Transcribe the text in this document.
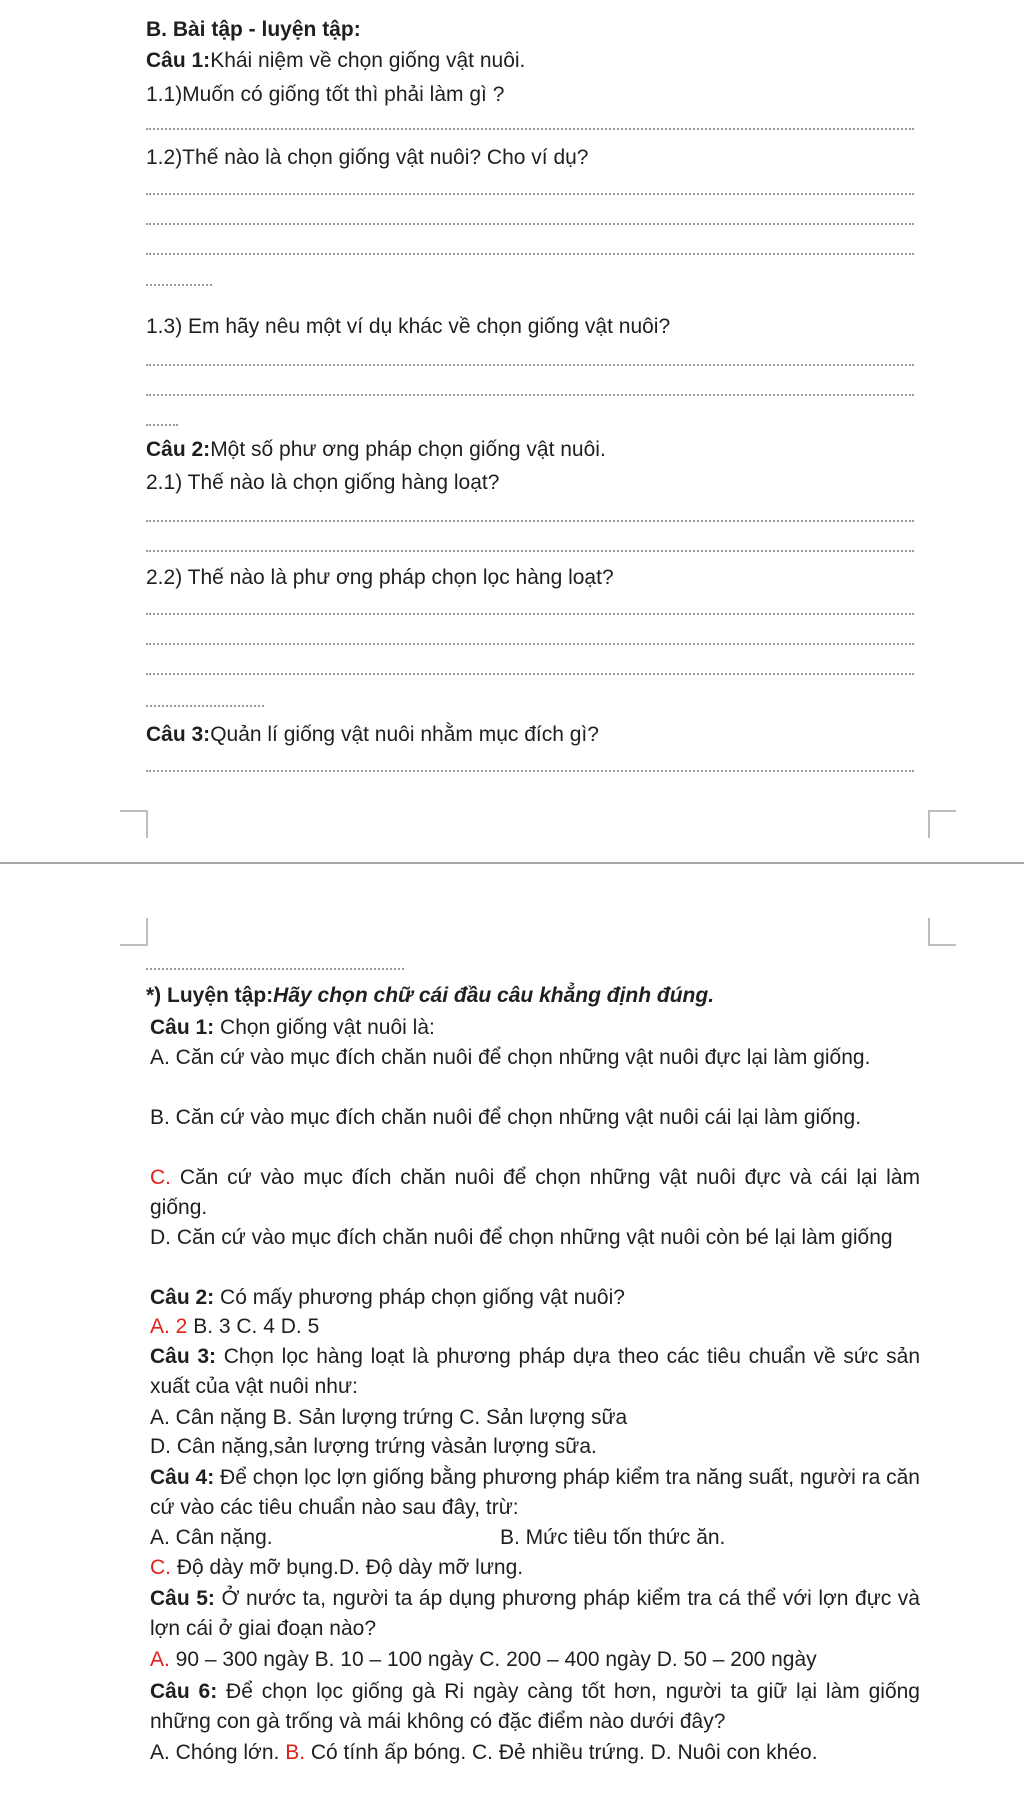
B. Bài tập - luyện tập:
Câu 1:Khái niệm về chọn giống vật nuôi.
1.1)Muốn có giống tốt thì phải làm gì ?
1.2)Thế nào là chọn giống vật nuôi? Cho ví dụ?
1.3) Em hãy nêu một ví dụ khác về chọn giống vật nuôi?
Câu 2:Một số phư ơng pháp chọn giống vật nuôi.
2.1) Thế nào là chọn giống hàng loạt?
2.2) Thế nào là phư ơng pháp chọn lọc hàng loạt?
Câu 3:Quản lí giống vật nuôi nhằm mục đích gì?
*) Luyện tập:Hãy chọn chữ cái đầu câu khẳng định đúng.
Câu 1: Chọn giống vật nuôi là:
A. Căn cứ vào mục đích chăn nuôi để chọn những vật nuôi đực lại làm giống.
B. Căn cứ vào mục đích chăn nuôi để chọn những vật nuôi cái lại làm giống.
C. Căn cứ vào mục đích chăn nuôi để chọn những vật nuôi đực và cái lại làm giống.
D. Căn cứ vào mục đích chăn nuôi để chọn những vật nuôi còn bé lại làm giống
Câu 2: Có mấy phương pháp chọn giống vật nuôi?
A. 2 B. 3 C. 4 D. 5
Câu 3: Chọn lọc hàng loạt là phương pháp dựa theo các tiêu chuẩn về sức sản xuất của vật nuôi như:
A. Cân nặng B. Sản lượng trứng C. Sản lượng sữa
D. Cân nặng,sản lượng trứng vàsản lượng sữa.
Câu 4: Để chọn lọc lợn giống bằng phương pháp kiểm tra năng suất, người ra căn cứ vào các tiêu chuẩn nào sau đây, trừ:
A. Cân nặng.	B. Mức tiêu tốn thức ăn.
C. Độ dày mỡ bụng.D. Độ dày mỡ lưng.
Câu 5: Ở nước ta, người ta áp dụng phương pháp kiểm tra cá thể với lợn đực và lợn cái ở giai đoạn nào?
A. 90 – 300 ngày B. 10 – 100 ngày C. 200 – 400 ngày D. 50 – 200 ngày
Câu 6: Để chọn lọc giống gà Ri ngày càng tốt hơn, người ta giữ lại làm giống những con gà trống và mái không có đặc điểm nào dưới đây?
A. Chóng lớn. B. Có tính ấp bóng. C. Đẻ nhiều trứng. D. Nuôi con khéo.
